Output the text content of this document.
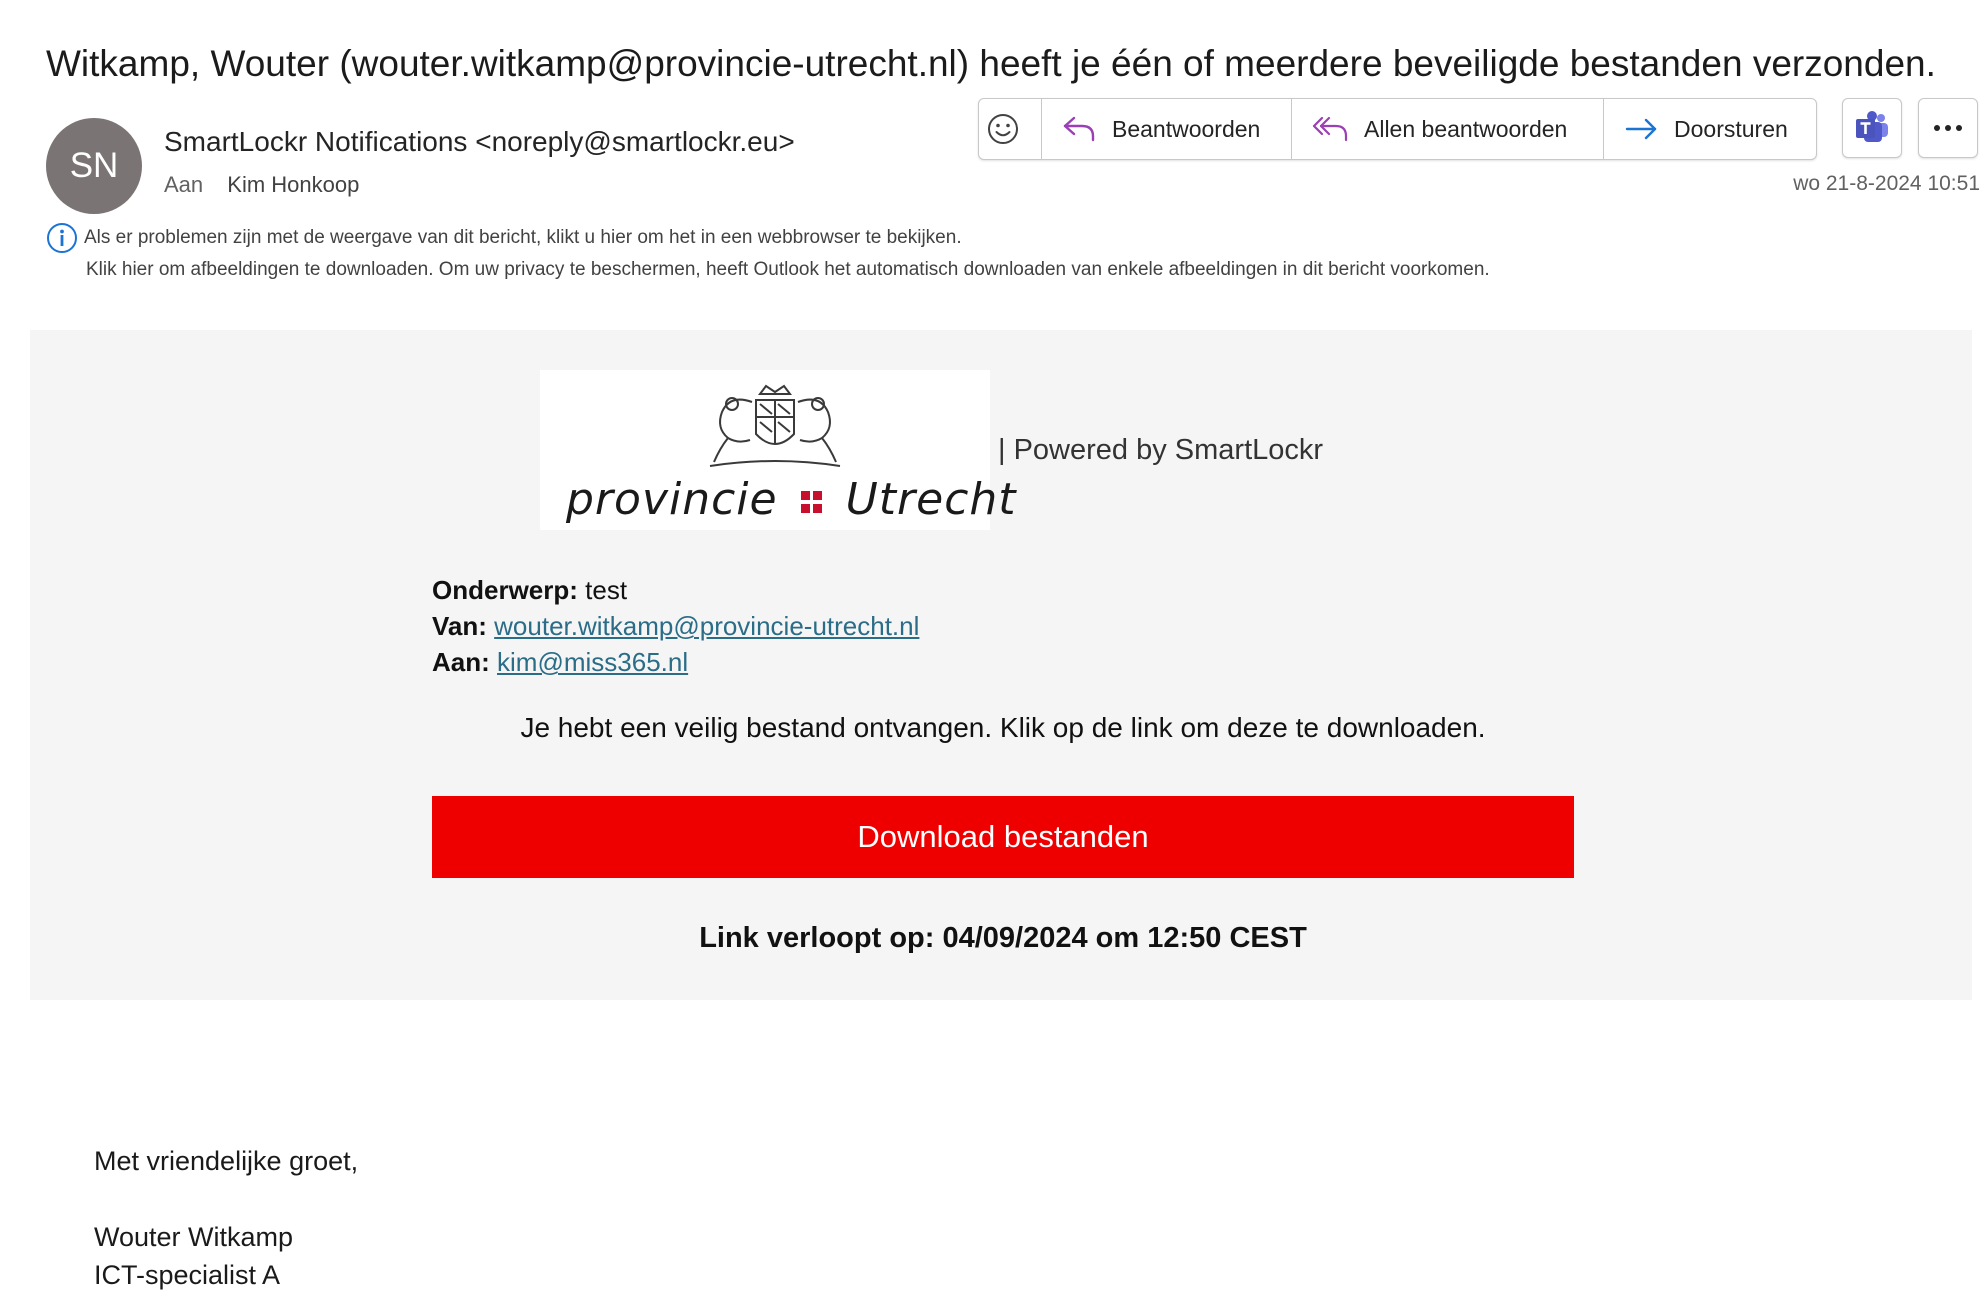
Witkamp, Wouter (wouter.witkamp@provincie-utrecht.nl) heeft je één of meerdere beveiligde bestanden verzonden.
SN
SmartLockr Notifications <noreply@smartlockr.eu>
Aan Kim Honkoop
Beantwoorden	Allen beantwoorden	Doorsturen
wo 21-8-2024 10:51
Als er problemen zijn met de weergave van dit bericht, klikt u hier om het in een webbrowser te bekijken.
Klik hier om afbeeldingen te downloaden. Om uw privacy te beschermen, heeft Outlook het automatisch downloaden van enkele afbeeldingen in dit bericht voorkomen.
provincie Utrecht
| Powered by SmartLockr
Onderwerp: test
Van: wouter.witkamp@provincie-utrecht.nl
Aan: kim@miss365.nl
Je hebt een veilig bestand ontvangen. Klik op de link om deze te downloaden.
Download bestanden
Link verloopt op: 04/09/2024 om 12:50 CEST
Met vriendelijke groet,
Wouter Witkamp
ICT-specialist A
